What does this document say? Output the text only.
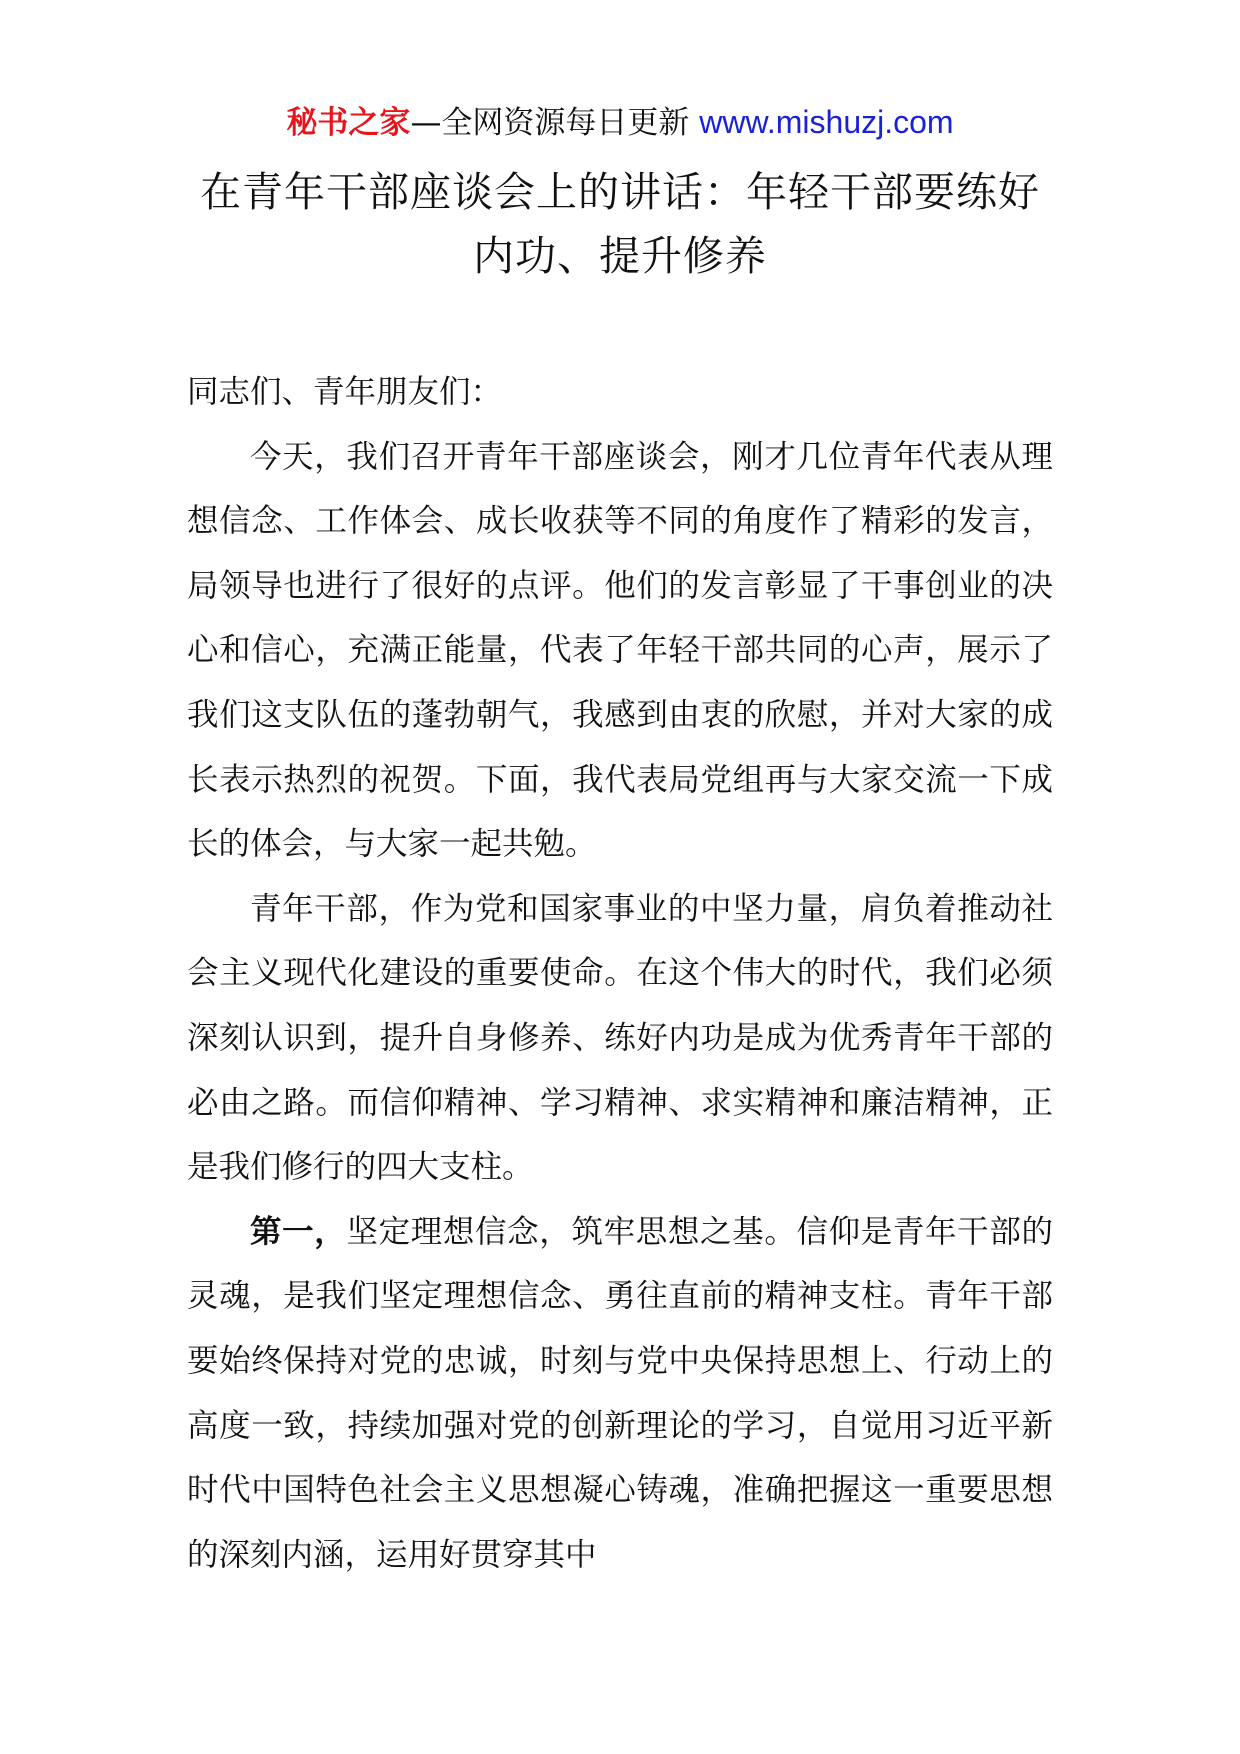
秘书之家—全网资源每日更新 www.mishuzj.com
在青年干部座谈会上的讲话：年轻干部要练好
内功、提升修养

同志们、青年朋友们：

今天，我们召开青年干部座谈会，刚才几位青年代表从理想信念、工作体会、成长收获等不同的角度作了精彩的发言，局领导也进行了很好的点评。他们的发言彰显了干事创业的决心和信心，充满正能量，代表了年轻干部共同的心声，展示了我们这支队伍的蓬勃朝气，我感到由衷的欣慰，并对大家的成长表示热烈的祝贺。下面，我代表局党组再与大家交流一下成长的体会，与大家一起共勉。

青年干部，作为党和国家事业的中坚力量，肩负着推动社会主义现代化建设的重要使命。在这个伟大的时代，我们必须深刻认识到，提升自身修养、练好内功是成为优秀青年干部的必由之路。而信仰精神、学习精神、求实精神和廉洁精神，正是我们修行的四大支柱。

第一，坚定理想信念，筑牢思想之基。信仰是青年干部的灵魂，是我们坚定理想信念、勇往直前的精神支柱。青年干部要始终保持对党的忠诚，时刻与党中央保持思想上、行动上的高度一致，持续加强对党的创新理论的学习，自觉用习近平新时代中国特色社会主义思想凝心铸魂，准确把握这一重要思想的深刻内涵，运用好贯穿其中
